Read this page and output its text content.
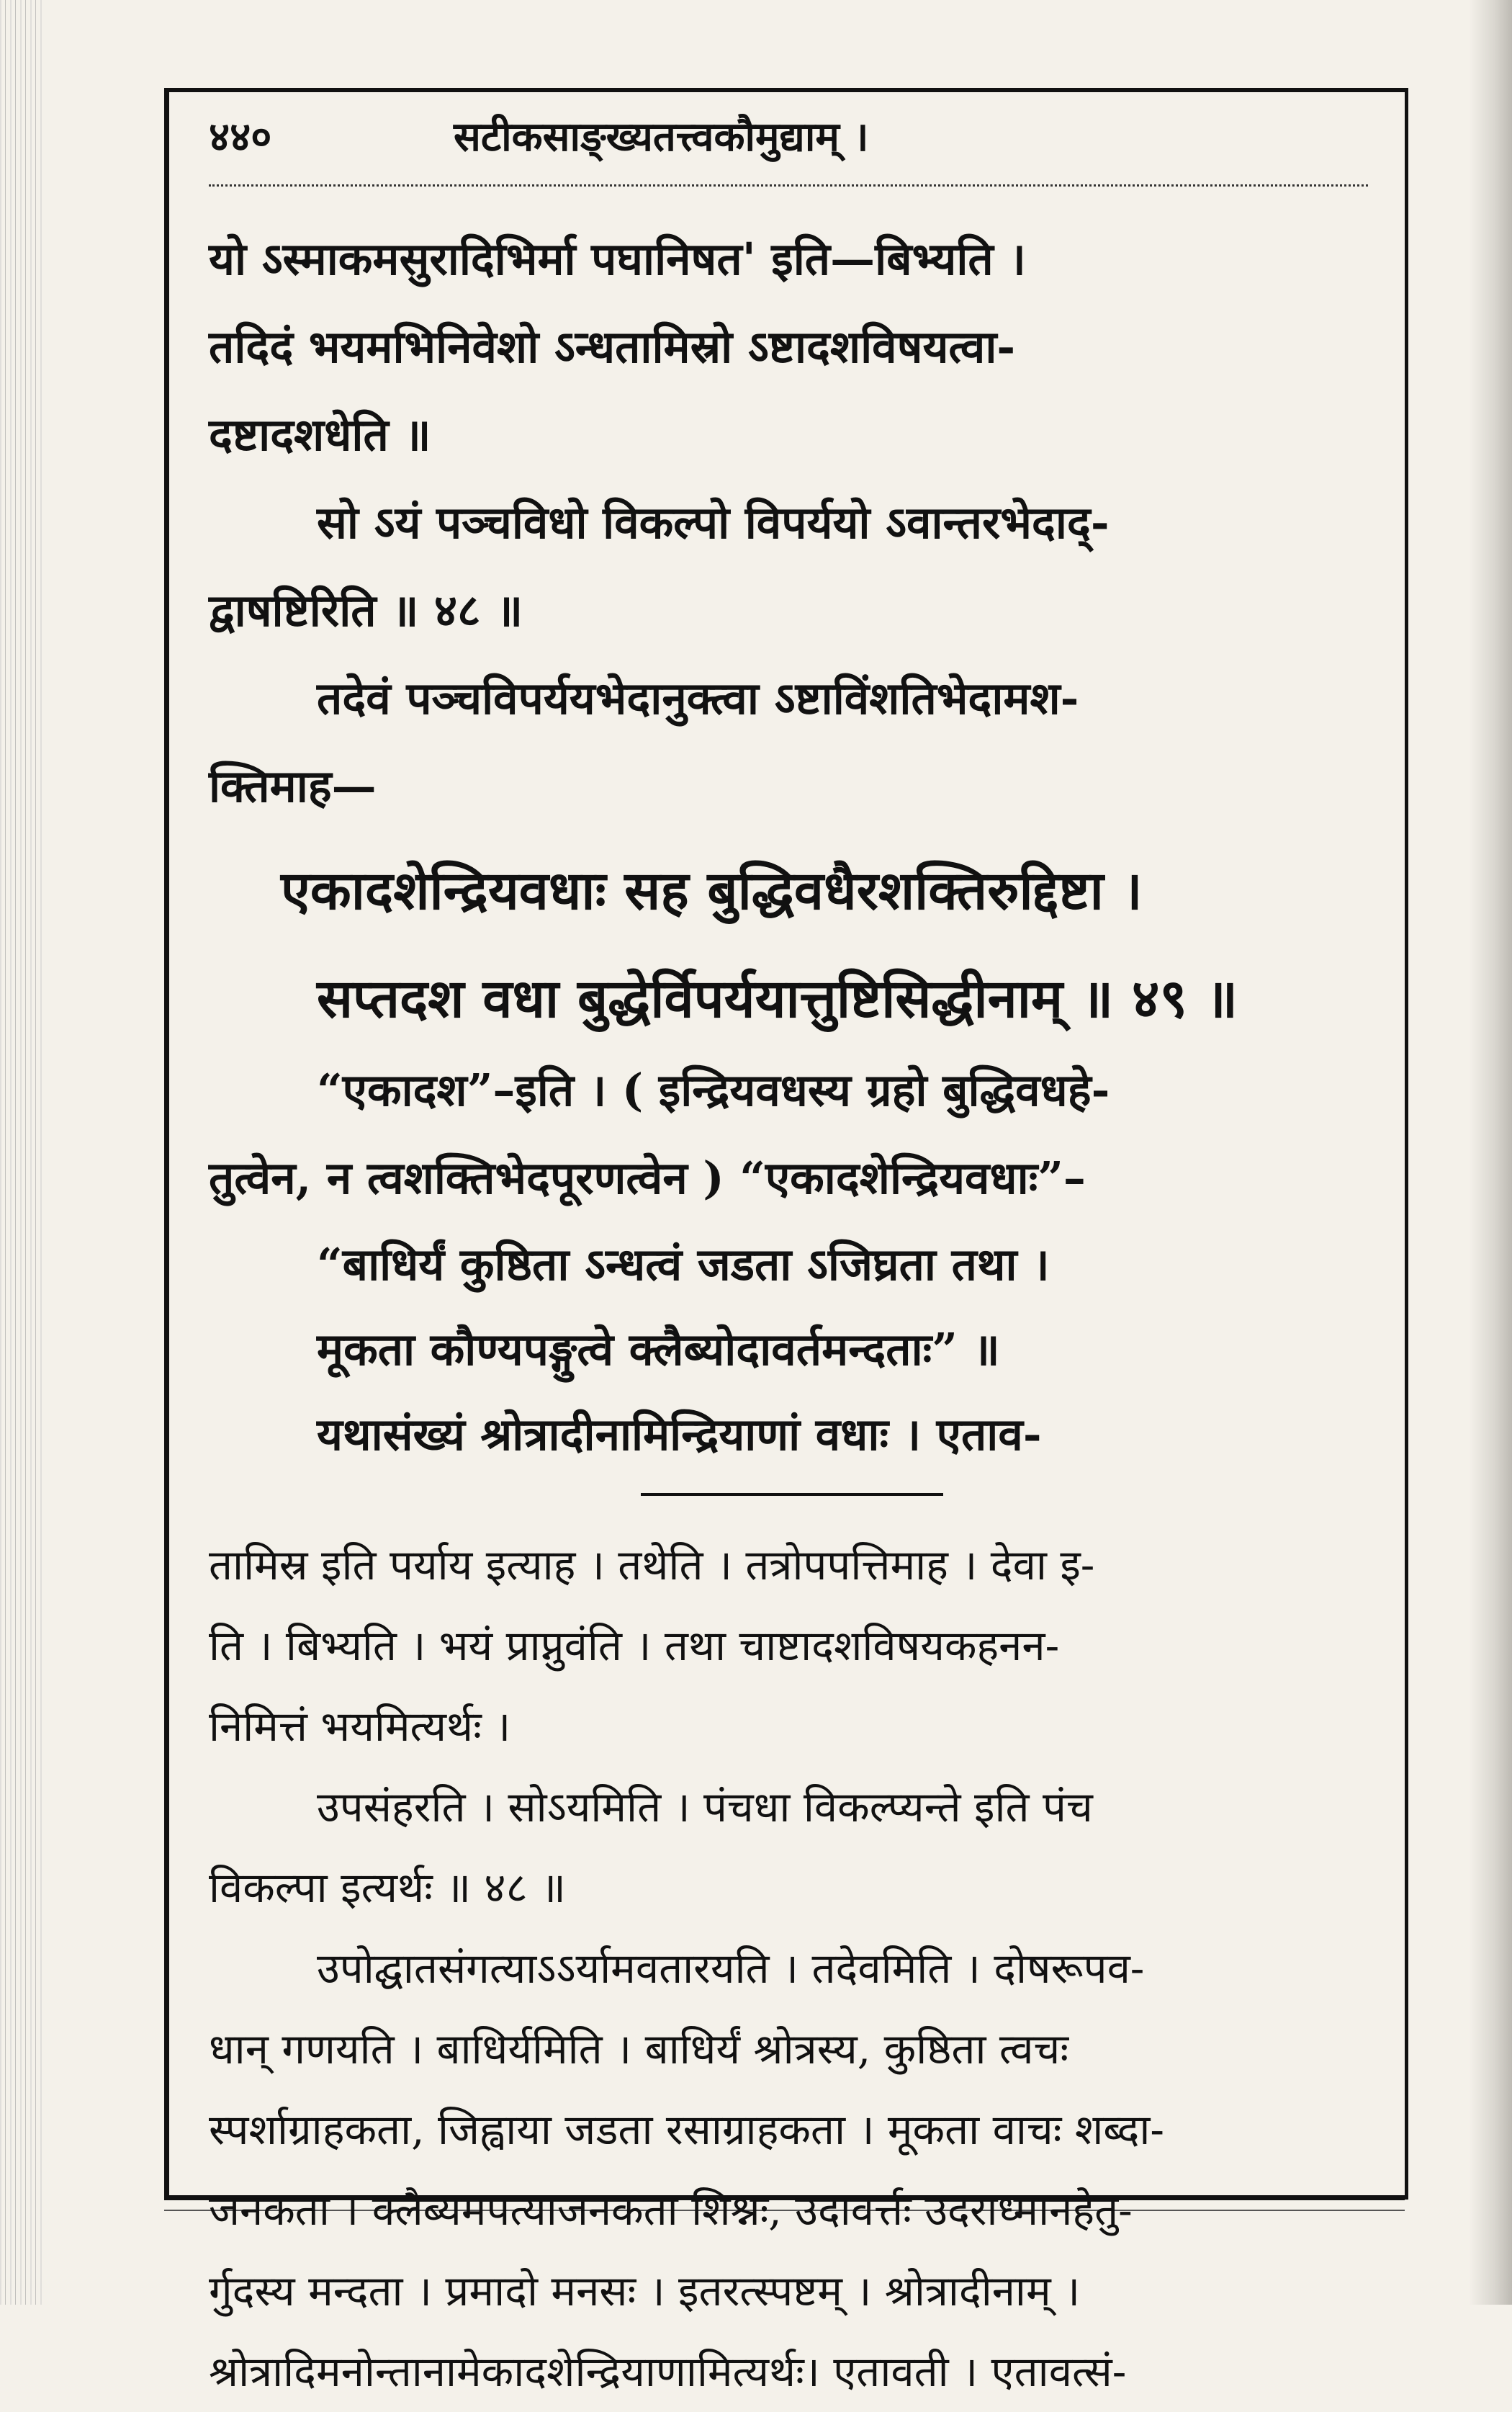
४४०	सटीकसाङ्ख्यतत्त्वकौमुद्याम् ।

यो ऽस्माकमसुरादिभिर्मा पघानिषत' इति—बिभ्यति ।

तदिदं भयमभिनिवेशो ऽन्धतामिस्रो ऽष्टादशविषयत्वा-

दष्टादशधेति ॥

सो ऽयं पञ्चविधो विकल्पो विपर्ययो ऽवान्तरभेदाद्-

द्वाषष्टिरिति ॥ ४८ ॥

तदेवं पञ्चविपर्ययभेदानुक्त्वा ऽष्टाविंशतिभेदामश-

क्तिमाह—

एकादशेन्द्रियवधाः सह बुद्धिवधैरशक्तिरुद्दिष्टा ।

सप्तदश वधा बुद्धेर्विपर्ययात्तुष्टिसिद्धीनाम् ॥ ४९ ॥

“एकादश”–इति । ( इन्द्रियवधस्य ग्रहो बुद्धिवधहे-

तुत्वेन, न त्वशक्तिभेदपूरणत्वेन ) “एकादशेन्द्रियवधाः”–

“बाधिर्यं कुष्ठिता ऽन्धत्वं जडता ऽजिघ्रता तथा ।

मूकता कौण्यपङ्गुत्वे क्लैब्योदावर्तमन्दताः” ॥

यथासंख्यं श्रोत्रादीनामिन्द्रियाणां वधाः । एताव-

तामिस्र इति पर्याय इत्याह । तथेति । तत्रोपपत्तिमाह । देवा इ-

ति । बिभ्यति । भयं प्राप्नुवंति । तथा चाष्टादशविषयकहनन-

निमित्तं भयमित्यर्थः ।

उपसंहरति । सोऽयमिति । पंचधा विकल्प्यन्ते इति पंच

विकल्पा इत्यर्थः ॥ ४८ ॥

उपोद्घातसंगत्याऽऽर्यामवतारयति । तदेवमिति । दोषरूपव-

धान् गणयति । बाधिर्यमिति । बाधिर्यं श्रोत्रस्य, कुष्ठिता त्वचः

स्पर्शाग्राहकता, जिह्वाया जडता रसाग्राहकता । मूकता वाचः शब्दा-

जनकता । क्लैब्यमपत्याजनकता शिश्नः, उदावर्त्तः उदराध्मानहेतु-

र्गुदस्य मन्दता । प्रमादो मनसः । इतरत्स्पष्टम् । श्रोत्रादीनाम् ।

श्रोत्रादिमनोन्तानामेकादशेन्द्रियाणामित्यर्थः। एतावती । एतावत्सं-
